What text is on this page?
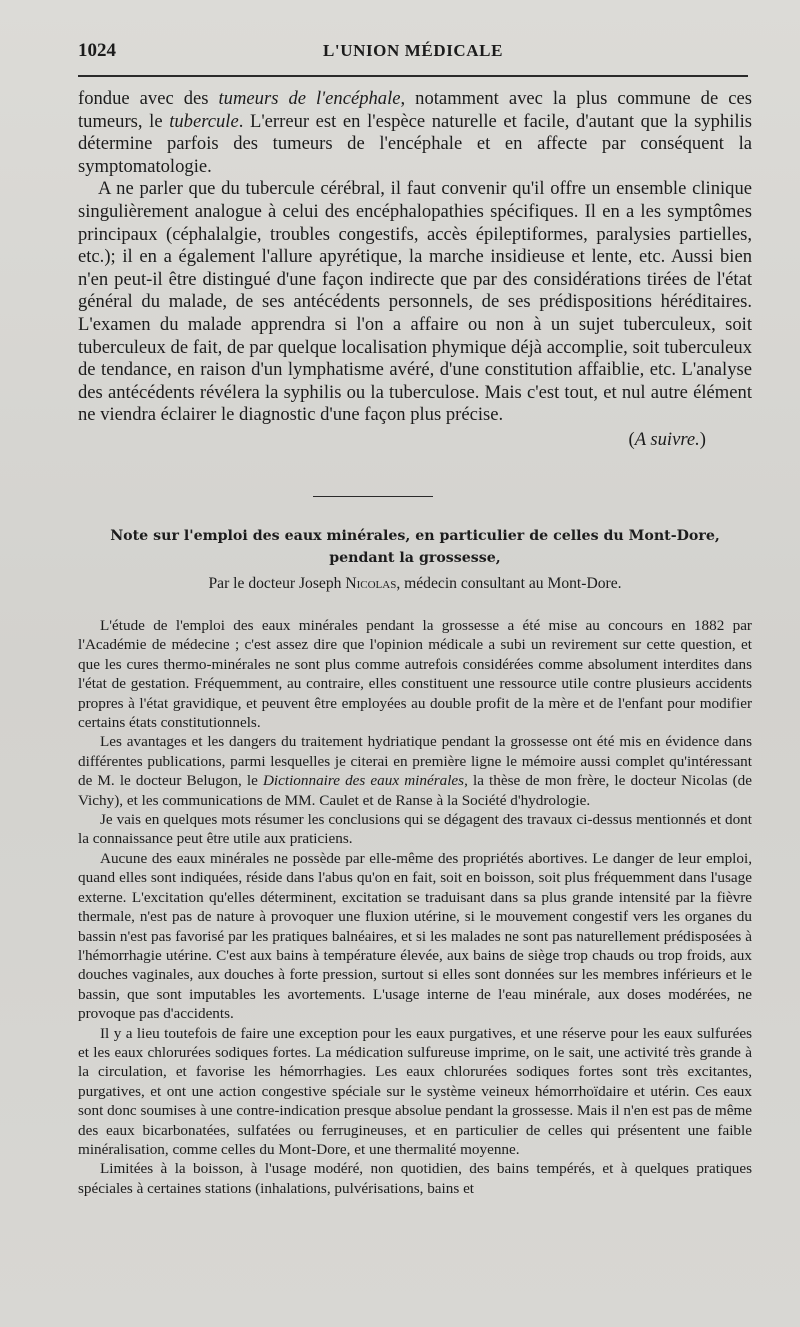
1024	L'UNION MÉDICALE

fondue avec des tumeurs de l'encéphale, notamment avec la plus commune de ces tumeurs, le tubercule. L'erreur est en l'espèce naturelle et facile, d'autant que la syphilis détermine parfois des tumeurs de l'encéphale et en affecte par conséquent la symptomatologie.

A ne parler que du tubercule cérébral, il faut convenir qu'il offre un ensemble clinique singulièrement analogue à celui des encéphalopathies spécifiques. Il en a les symptômes principaux (céphalalgie, troubles congestifs, accès épileptiformes, paralysies partielles, etc.); il en a également l'allure apyrétique, la marche insidieuse et lente, etc. Aussi bien n'en peut-il être distingué d'une façon indirecte que par des considérations tirées de l'état général du malade, de ses antécédents personnels, de ses prédispositions héréditaires. L'examen du malade apprendra si l'on a affaire ou non à un sujet tuberculeux, soit tuberculeux de fait, de par quelque localisation phymique déjà accomplie, soit tuberculeux de tendance, en raison d'un lymphatisme avéré, d'une constitution affaiblie, etc. L'analyse des antécédents révélera la syphilis ou la tuberculose. Mais c'est tout, et nul autre élément ne viendra éclairer le diagnostic d'une façon plus précise.

(A suivre.)
Note sur l'emploi des eaux minérales, en particulier de celles du Mont-Dore,
pendant la grossesse,
Par le docteur Joseph Nicolas, médecin consultant au Mont-Dore.

L'étude de l'emploi des eaux minérales pendant la grossesse a été mise au concours en 1882 par l'Académie de médecine ; c'est assez dire que l'opinion médicale a subi un revirement sur cette question, et que les cures thermo-minérales ne sont plus comme autrefois considérées comme absolument interdites dans l'état de gestation. Fréquemment, au contraire, elles constituent une ressource utile contre plusieurs accidents propres à l'état gravidique, et peuvent être employées au double profit de la mère et de l'enfant pour modifier certains états constitutionnels.

Les avantages et les dangers du traitement hydriatique pendant la grossesse ont été mis en évidence dans différentes publications, parmi lesquelles je citerai en première ligne le mémoire aussi complet qu'intéressant de M. le docteur Belugon, le Dictionnaire des eaux minérales, la thèse de mon frère, le docteur Nicolas (de Vichy), et les communications de MM. Caulet et de Ranse à la Société d'hydrologie.

Je vais en quelques mots résumer les conclusions qui se dégagent des travaux ci-dessus mentionnés et dont la connaissance peut être utile aux praticiens.

Aucune des eaux minérales ne possède par elle-même des propriétés abortives. Le danger de leur emploi, quand elles sont indiquées, réside dans l'abus qu'on en fait, soit en boisson, soit plus fréquemment dans l'usage externe. L'excitation qu'elles déterminent, excitation se traduisant dans sa plus grande intensité par la fièvre thermale, n'est pas de nature à provoquer une fluxion utérine, si le mouvement congestif vers les organes du bassin n'est pas favorisé par les pratiques balnéaires, et si les malades ne sont pas naturellement prédisposées à l'hémorrhagie utérine. C'est aux bains à température élevée, aux bains de siège trop chauds ou trop froids, aux douches vaginales, aux douches à forte pression, surtout si elles sont données sur les membres inférieurs et le bassin, que sont imputables les avortements. L'usage interne de l'eau minérale, aux doses modérées, ne provoque pas d'accidents.

Il y a lieu toutefois de faire une exception pour les eaux purgatives, et une réserve pour les eaux sulfurées et les eaux chlorurées sodiques fortes. La médication sulfureuse imprime, on le sait, une activité très grande à la circulation, et favorise les hémorrhagies. Les eaux chlorurées sodiques fortes sont très excitantes, purgatives, et ont une action congestive spéciale sur le système veineux hémorrhoïdaire et utérin. Ces eaux sont donc soumises à une contre-indication presque absolue pendant la grossesse. Mais il n'en est pas de même des eaux bicarbonatées, sulfatées ou ferrugineuses, et en particulier de celles qui présentent une faible minéralisation, comme celles du Mont-Dore, et une thermalité moyenne.

Limitées à la boisson, à l'usage modéré, non quotidien, des bains tempérés, et à quelques pratiques spéciales à certaines stations (inhalations, pulvérisations, bains et
